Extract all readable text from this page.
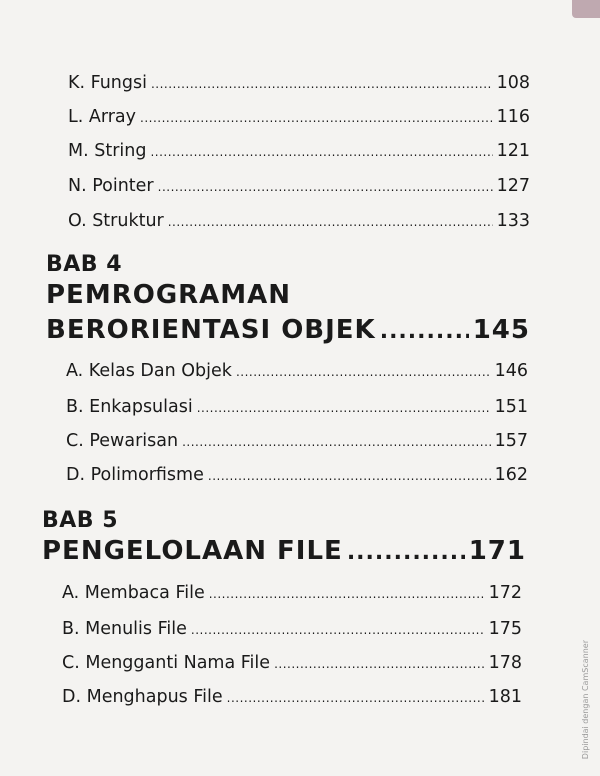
K. Fungsi .....	108
L. Array .....	116
M. String .....	121
N. Pointer .....	127
O. Struktur .....	133
BAB 4
PEMROGRAMAN
BERORIENTASI OBJEK .....	145
A. Kelas Dan Objek .....	146
B. Enkapsulasi .....	151
C. Pewarisan .....	157
D. Polimorfisme .....	162
BAB 5
PENGELOLAAN FILE .....	171
A. Membaca File .....	172
B. Menulis File .....	175
C. Mengganti Nama File .....	178
D. Menghapus File .....	181	Dipindai dengan CamScanner
